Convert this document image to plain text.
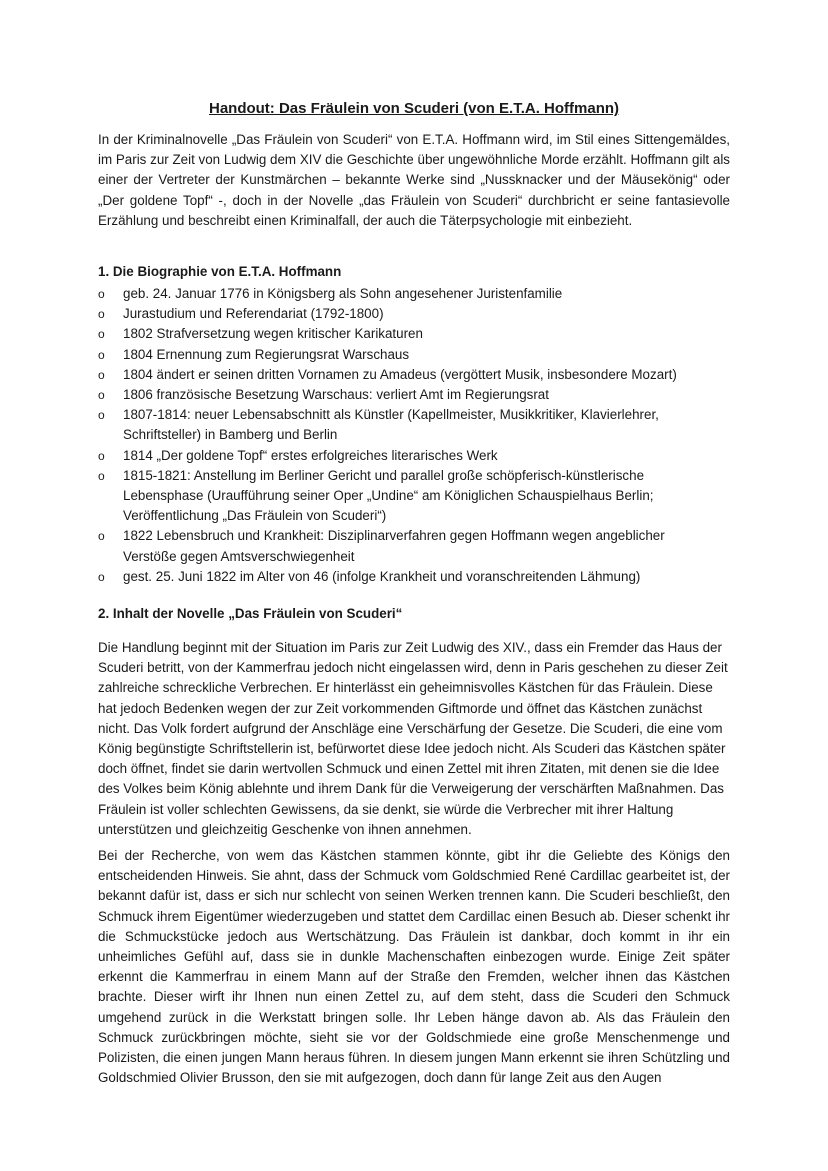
Handout: Das Fräulein von Scuderi (von E.T.A. Hoffmann)

In der Kriminalnovelle „Das Fräulein von Scuderi“ von E.T.A. Hoffmann wird, im Stil eines Sittengemäldes, im Paris zur Zeit von Ludwig dem XIV die Geschichte über ungewöhnliche Morde erzählt. Hoffmann gilt als einer der Vertreter der Kunstmärchen – bekannte Werke sind „Nussknacker und der Mäusekönig“ oder „Der goldene Topf“ -, doch in der Novelle „das Fräulein von Scuderi“ durchbricht er seine fantasievolle Erzählung und beschreibt einen Kriminalfall, der auch die Täterpsychologie mit einbezieht.

1. Die Biographie von E.T.A. Hoffmann

o geb. 24. Januar 1776 in Königsberg als Sohn angesehener Juristenfamilie
o Jurastudium und Referendariat (1792-1800)
o 1802 Strafversetzung wegen kritischer Karikaturen
o 1804 Ernennung zum Regierungsrat Warschaus
o 1804 ändert er seinen dritten Vornamen zu Amadeus (vergöttert Musik, insbesondere Mozart)
o 1806 französische Besetzung Warschaus: verliert Amt im Regierungsrat
o 1807-1814: neuer Lebensabschnitt als Künstler (Kapellmeister, Musikkritiker, Klavierlehrer, Schriftsteller) in Bamberg und Berlin
o 1814 „Der goldene Topf“ erstes erfolgreiches literarisches Werk
o 1815-1821: Anstellung im Berliner Gericht und parallel große schöpferisch-künstlerische Lebensphase (Uraufführung seiner Oper „Undine“ am Königlichen Schauspielhaus Berlin; Veröffentlichung „Das Fräulein von Scuderi“)
o 1822 Lebensbruch und Krankheit: Disziplinarverfahren gegen Hoffmann wegen angeblicher Verstöße gegen Amtsverschwiegenheit
o gest. 25. Juni 1822 im Alter von 46 (infolge Krankheit und voranschreitenden Lähmung)

2. Inhalt der Novelle „Das Fräulein von Scuderi“

Die Handlung beginnt mit der Situation im Paris zur Zeit Ludwig des XIV., dass ein Fremder das Haus der Scuderi betritt, von der Kammerfrau jedoch nicht eingelassen wird, denn in Paris geschehen zu dieser Zeit zahlreiche schreckliche Verbrechen. Er hinterlässt ein geheimnisvolles Kästchen für das Fräulein. Diese hat jedoch Bedenken wegen der zur Zeit vorkommenden Giftmorde und öffnet das Kästchen zunächst nicht. Das Volk fordert aufgrund der Anschläge eine Verschärfung der Gesetze. Die Scuderi, die eine vom König begünstigte Schriftstellerin ist, befürwortet diese Idee jedoch nicht. Als Scuderi das Kästchen später doch öffnet, findet sie darin wertvollen Schmuck und einen Zettel mit ihren Zitaten, mit denen sie die Idee des Volkes beim König ablehnte und ihrem Dank für die Verweigerung der verschärften Maßnahmen. Das Fräulein ist voller schlechten Gewissens, da sie denkt, sie würde die Verbrecher mit ihrer Haltung unterstützen und gleichzeitig Geschenke von ihnen annehmen.

Bei der Recherche, von wem das Kästchen stammen könnte, gibt ihr die Geliebte des Königs den entscheidenden Hinweis. Sie ahnt, dass der Schmuck vom Goldschmied René Cardillac gearbeitet ist, der bekannt dafür ist, dass er sich nur schlecht von seinen Werken trennen kann. Die Scuderi beschließt, den Schmuck ihrem Eigentümer wiederzugeben und stattet dem Cardillac einen Besuch ab. Dieser schenkt ihr die Schmuckstücke jedoch aus Wertschätzung. Das Fräulein ist dankbar, doch kommt in ihr ein unheimliches Gefühl auf, dass sie in dunkle Machenschaften einbezogen wurde. Einige Zeit später erkennt die Kammerfrau in einem Mann auf der Straße den Fremden, welcher ihnen das Kästchen brachte. Dieser wirft ihr Ihnen nun einen Zettel zu, auf dem steht, dass die Scuderi den Schmuck umgehend zurück in die Werkstatt bringen solle. Ihr Leben hänge davon ab. Als das Fräulein den Schmuck zurückbringen möchte, sieht sie vor der Goldschmiede eine große Menschenmenge und Polizisten, die einen jungen Mann heraus führen. In diesem jungen Mann erkennt sie ihren Schützling und Goldschmied Olivier Brusson, den sie mit aufgezogen, doch dann für lange Zeit aus den Augen
